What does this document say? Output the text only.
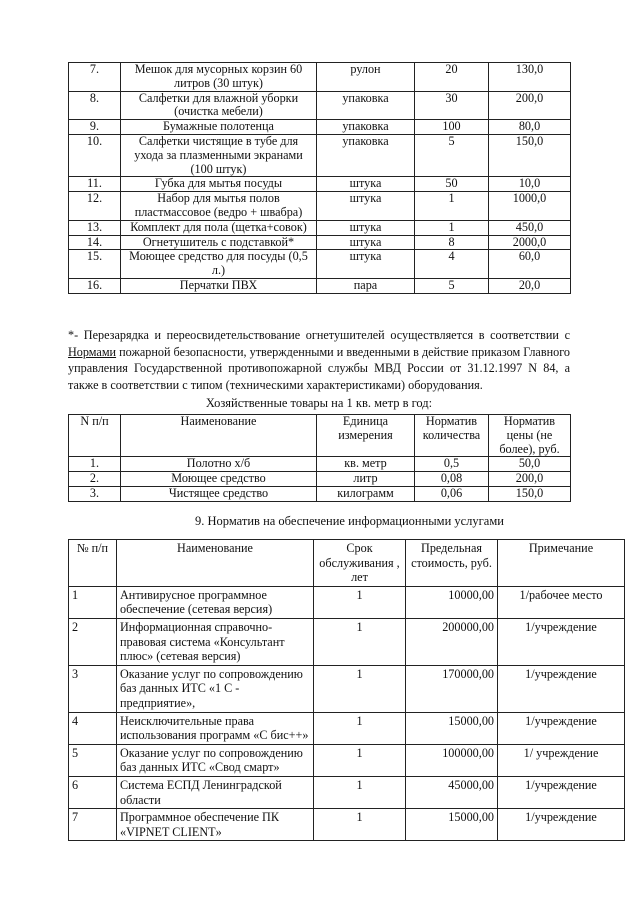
7.	Мешок для мусорных корзин 60 литров (30 штук)	рулон	20	130,0
8.	Салфетки для влажной уборки (очистка мебели)	упаковка	30	200,0
9.	Бумажные полотенца	упаковка	100	80,0
10.	Салфетки чистящие в тубе для ухода за плазменными экранами (100 штук)	упаковка	5	150,0
11.	Губка для мытья посуды	штука	50	10,0
12.	Набор для мытья полов пластмассовое (ведро + швабра)	штука	1	1000,0
13.	Комплект для пола (щетка+совок)	штука	1	450,0
14.	Огнетушитель с подставкой*	штука	8	2000,0
15.	Моющее средство для посуды (0,5 л.)	штука	4	60,0
16.	Перчатки ПВХ	пара	5	20,0
*- Перезарядка и переосвидетельствование огнетушителей осуществляется в соответствии с Нормами пожарной безопасности, утвержденными и введенными в действие приказом Главного управления Государственной противопожарной службы МВД России от 31.12.1997 N 84, а также в соответствии с типом (техническими характеристиками) оборудования.
Хозяйственные товары на 1 кв. метр в год:
N п/п	Наименование	Единица измерения	Норматив количества	Норматив цены (не более), руб.
1.	Полотно х/б	кв. метр	0,5	50,0
2.	Моющее средство	литр	0,08	200,0
3.	Чистящее средство	килограмм	0,06	150,0
9. Норматив на обеспечение информационными услугами
№ п/п	Наименование	Срок обслуживания , лет	Предельная стоимость, руб.	Примечание
1	Антивирусное программное обеспечение (сетевая версия)	1	10000,00	1/рабочее место
2	Информационная справочно-правовая система «Консультант плюс» (сетевая версия)	1	200000,00	1/учреждение
3	Оказание услуг по сопровождению баз данных ИТС «1 С - предприятие»,	1	170000,00	1/учреждение
4	Неисключительные права использования программ «С бис++»	1	15000,00	1/учреждение
5	Оказание услуг по сопровождению баз данных ИТС «Свод смарт»	1	100000,00	1/ учреждение
6	Система ЕСПД Ленинградской области	1	45000,00	1/учреждение
7	Программное обеспечение ПК «VIPNET CLIENT»	1	15000,00	1/учреждение
